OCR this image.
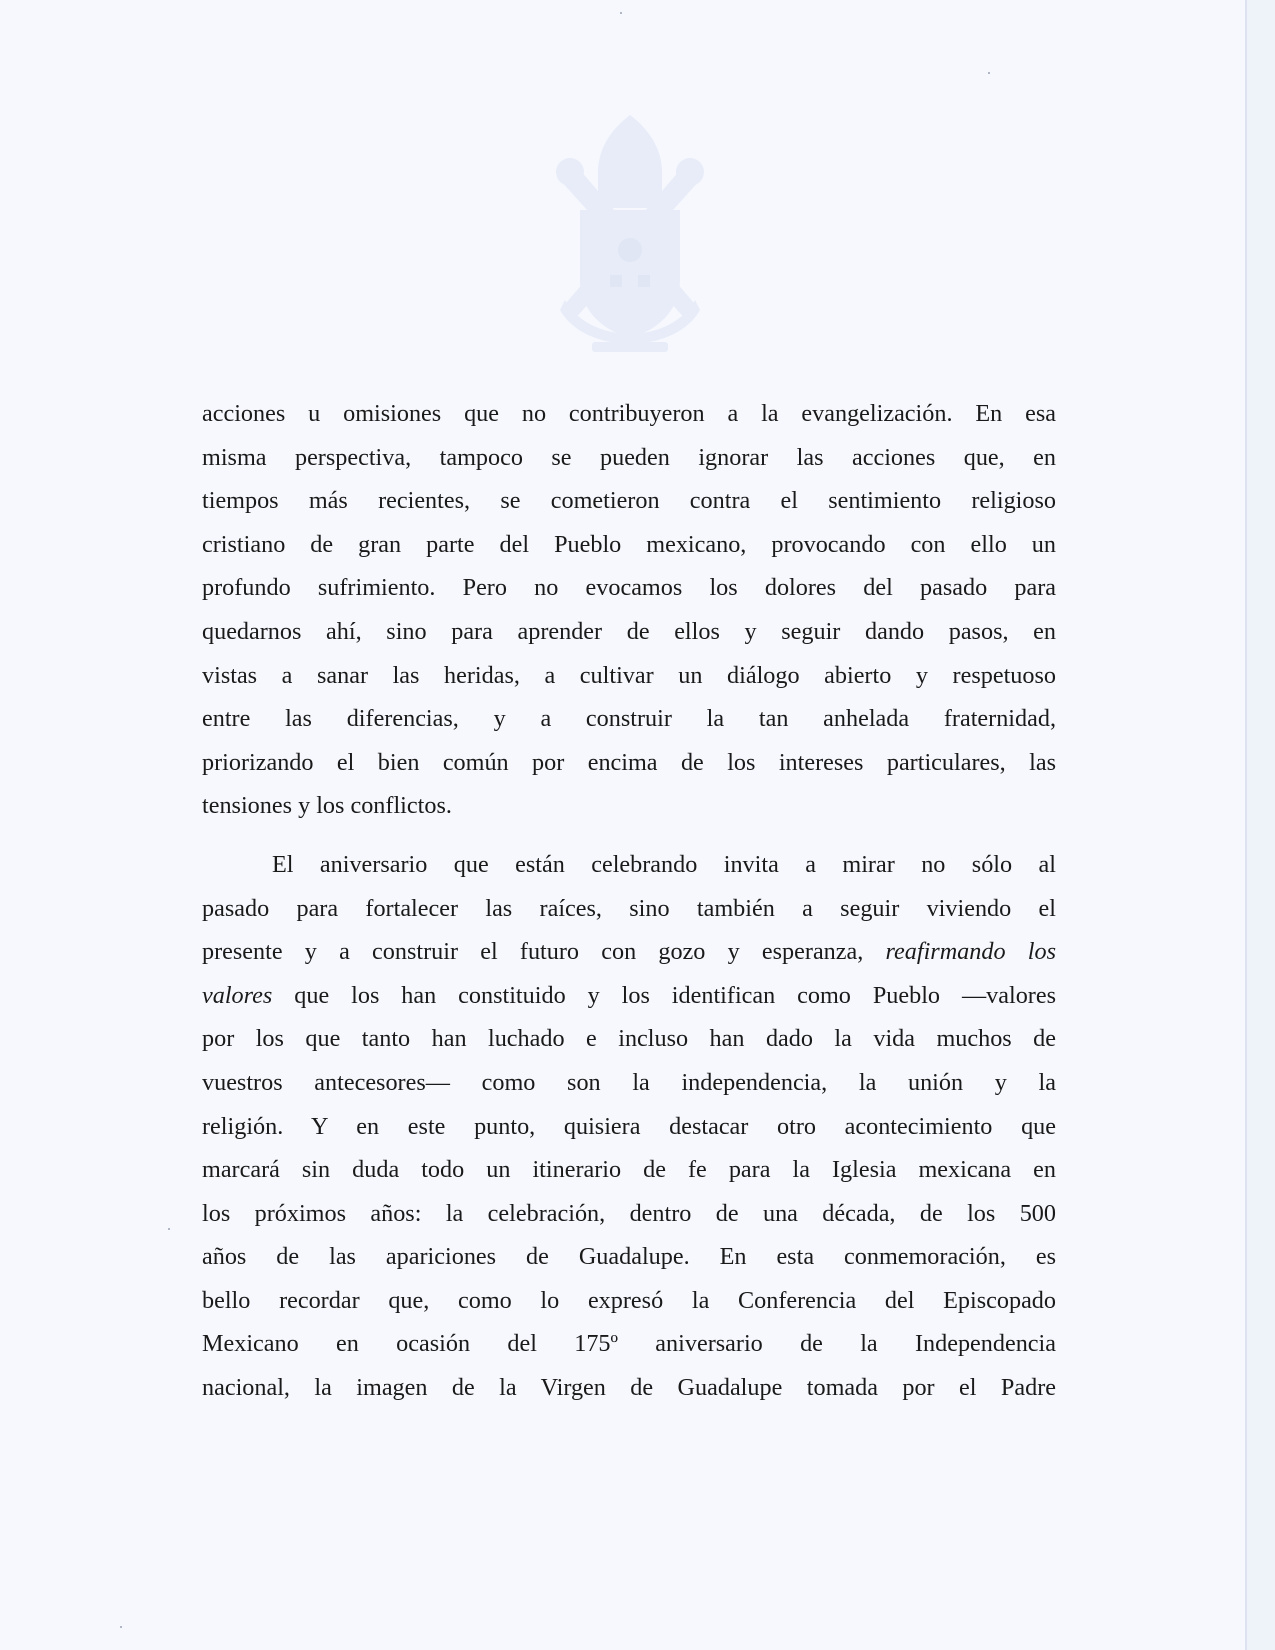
acciones u omisiones que no contribuyeron a la evangelización. En esa
misma perspectiva, tampoco se pueden ignorar las acciones que, en
tiempos más recientes, se cometieron contra el sentimiento religioso
cristiano de gran parte del Pueblo mexicano, provocando con ello un
profundo sufrimiento. Pero no evocamos los dolores del pasado para
quedarnos ahí, sino para aprender de ellos y seguir dando pasos, en
vistas a sanar las heridas, a cultivar un diálogo abierto y respetuoso
entre las diferencias, y a construir la tan anhelada fraternidad,
priorizando el bien común por encima de los intereses particulares, las
tensiones y los conflictos.

El aniversario que están celebrando invita a mirar no sólo al
pasado para fortalecer las raíces, sino también a seguir viviendo el
presente y a construir el futuro con gozo y esperanza, reafirmando los
valores que los han constituido y los identifican como Pueblo —valores
por los que tanto han luchado e incluso han dado la vida muchos de
vuestros antecesores— como son la independencia, la unión y la
religión. Y en este punto, quisiera destacar otro acontecimiento que
marcará sin duda todo un itinerario de fe para la Iglesia mexicana en
los próximos años: la celebración, dentro de una década, de los 500
años de las apariciones de Guadalupe. En esta conmemoración, es
bello recordar que, como lo expresó la Conferencia del Episcopado
Mexicano en ocasión del 175º aniversario de la Independencia
nacional, la imagen de la Virgen de Guadalupe tomada por el Padre
